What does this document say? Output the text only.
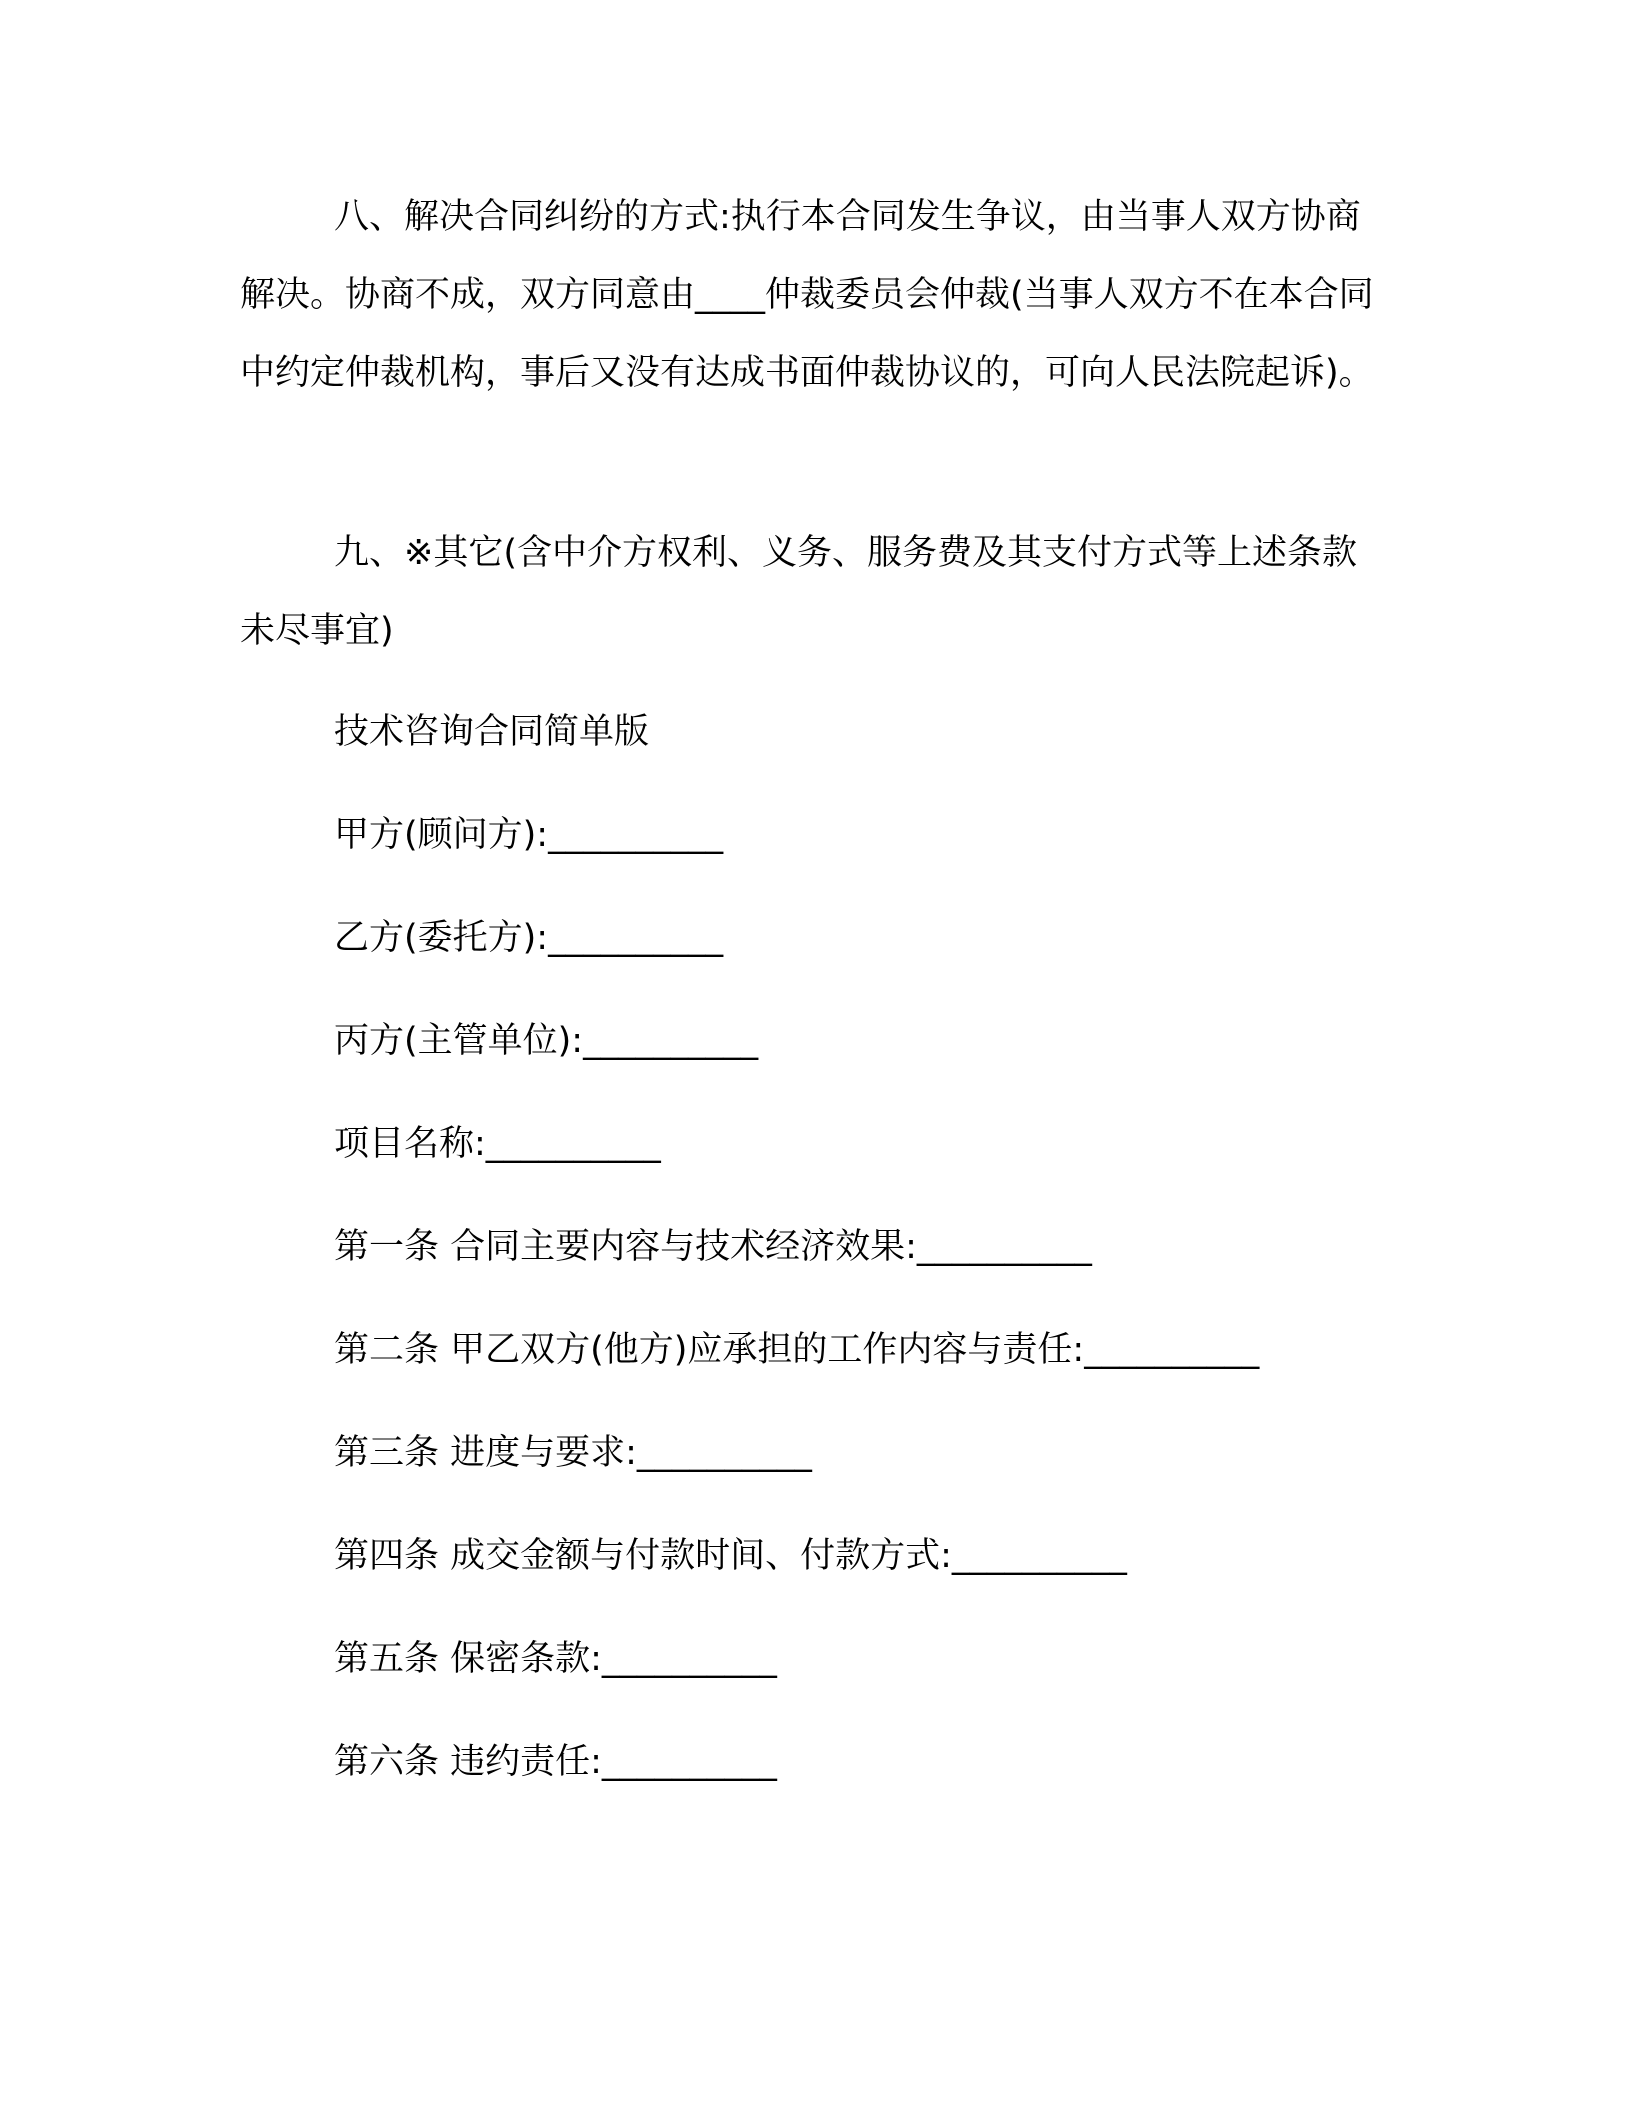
八、解决合同纠纷的方式:执行本合同发生争议，由当事人双方协商解决。协商不成，双方同意由____仲裁委员会仲裁(当事人双方不在本合同中约定仲裁机构，事后又没有达成书面仲裁协议的，可向人民法院起诉)。

九、※其它(含中介方权利、义务、服务费及其支付方式等上述条款未尽事宜)

技术咨询合同简单版

甲方(顾问方):__________

乙方(委托方):__________

丙方(主管单位):__________

项目名称:__________

第一条 合同主要内容与技术经济效果:__________

第二条 甲乙双方(他方)应承担的工作内容与责任:__________

第三条 进度与要求:__________

第四条 成交金额与付款时间、付款方式:__________

第五条 保密条款:__________

第六条 违约责任:__________
